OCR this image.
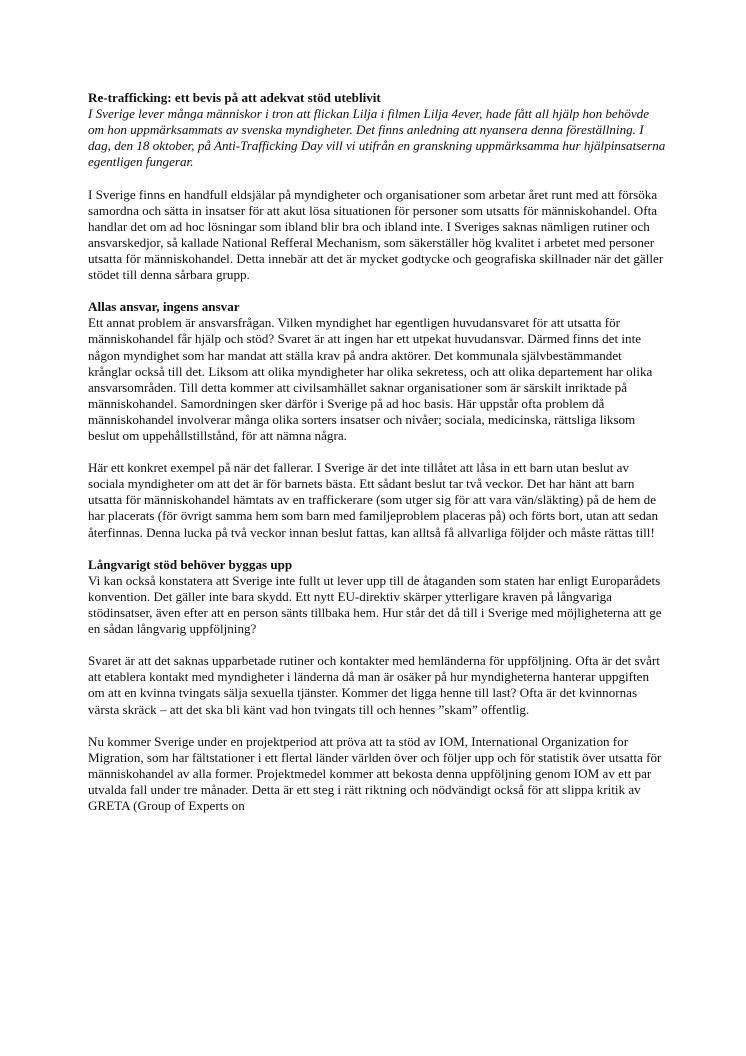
Re-trafficking: ett bevis på att adekvat stöd uteblivit

I Sverige lever många människor i tron att flickan Lilja i filmen Lilja 4ever, hade fått all hjälp hon behövde om hon uppmärksammats av svenska myndigheter. Det finns anledning att nyansera denna föreställning. I dag, den 18 oktober, på Anti-Trafficking Day vill vi utifrån en granskning uppmärksamma hur hjälpinsatserna egentligen fungerar.

I Sverige finns en handfull eldsjälar på myndigheter och organisationer som arbetar året runt med att försöka samordna och sätta in insatser för att akut lösa situationen för personer som utsatts för människohandel. Ofta handlar det om ad hoc lösningar som ibland blir bra och ibland inte. I Sveriges saknas nämligen rutiner och ansvarskedjor, så kallade National Refferal Mechanism, som säkerställer hög kvalitet i arbetet med personer utsatta för människohandel. Detta innebär att det är mycket godtycke och geografiska skillnader när det gäller stödet till denna sårbara grupp.

Allas ansvar, ingens ansvar

Ett annat problem är ansvarsfrågan. Vilken myndighet har egentligen huvudansvaret för att utsatta för människohandel får hjälp och stöd? Svaret är att ingen har ett utpekat huvudansvar. Därmed finns det inte någon myndighet som har mandat att ställa krav på andra aktörer. Det kommunala självbestämmandet krånglar också till det. Liksom att olika myndigheter har olika sekretess, och att olika departement har olika ansvarsområden. Till detta kommer att civilsamhället saknar organisationer som är särskilt inriktade på människohandel. Samordningen sker därför i Sverige på ad hoc basis. Här uppstår ofta problem då människohandel involverar många olika sorters insatser och nivåer; sociala, medicinska, rättsliga liksom beslut om uppehållstillstånd, för att nämna några.

Här ett konkret exempel på när det fallerar. I Sverige är det inte tillåtet att låsa in ett barn utan beslut av sociala myndigheter om att det är för barnets bästa. Ett sådant beslut tar två veckor. Det har hänt att barn utsatta för människohandel hämtats av en traffickerare (som utger sig för att vara vän/släkting) på de hem de har placerats (för övrigt samma hem som barn med familjeproblem placeras på) och förts bort, utan att sedan återfinnas. Denna lucka på två veckor innan beslut fattas, kan alltså få allvarliga följder och måste rättas till!

Långvarigt stöd behöver byggas upp

Vi kan också konstatera att Sverige inte fullt ut lever upp till de åtaganden som staten har enligt Europarådets konvention. Det gäller inte bara skydd. Ett nytt EU-direktiv skärper ytterligare kraven på långvariga stödinsatser, även efter att en person sänts tillbaka hem. Hur står det då till i Sverige med möjligheterna att ge en sådan långvarig uppföljning?

Svaret är att det saknas upparbetade rutiner och kontakter med hemländerna för uppföljning. Ofta är det svårt att etablera kontakt med myndigheter i länderna då man är osäker på hur myndigheterna hanterar uppgiften om att en kvinna tvingats sälja sexuella tjänster. Kommer det ligga henne till last? Ofta är det kvinnornas värsta skräck – att det ska bli känt vad hon tvingats till och hennes ”skam” offentlig.

Nu kommer Sverige under en projektperiod att pröva att ta stöd av IOM, International Organization for Migration, som har fältstationer i ett flertal länder världen över och följer upp och för statistik över utsatta för människohandel av alla former. Projektmedel kommer att bekosta denna uppföljning genom IOM av ett par utvalda fall under tre månader. Detta är ett steg i rätt riktning och nödvändigt också för att slippa kritik av GRETA (Group of Experts on
